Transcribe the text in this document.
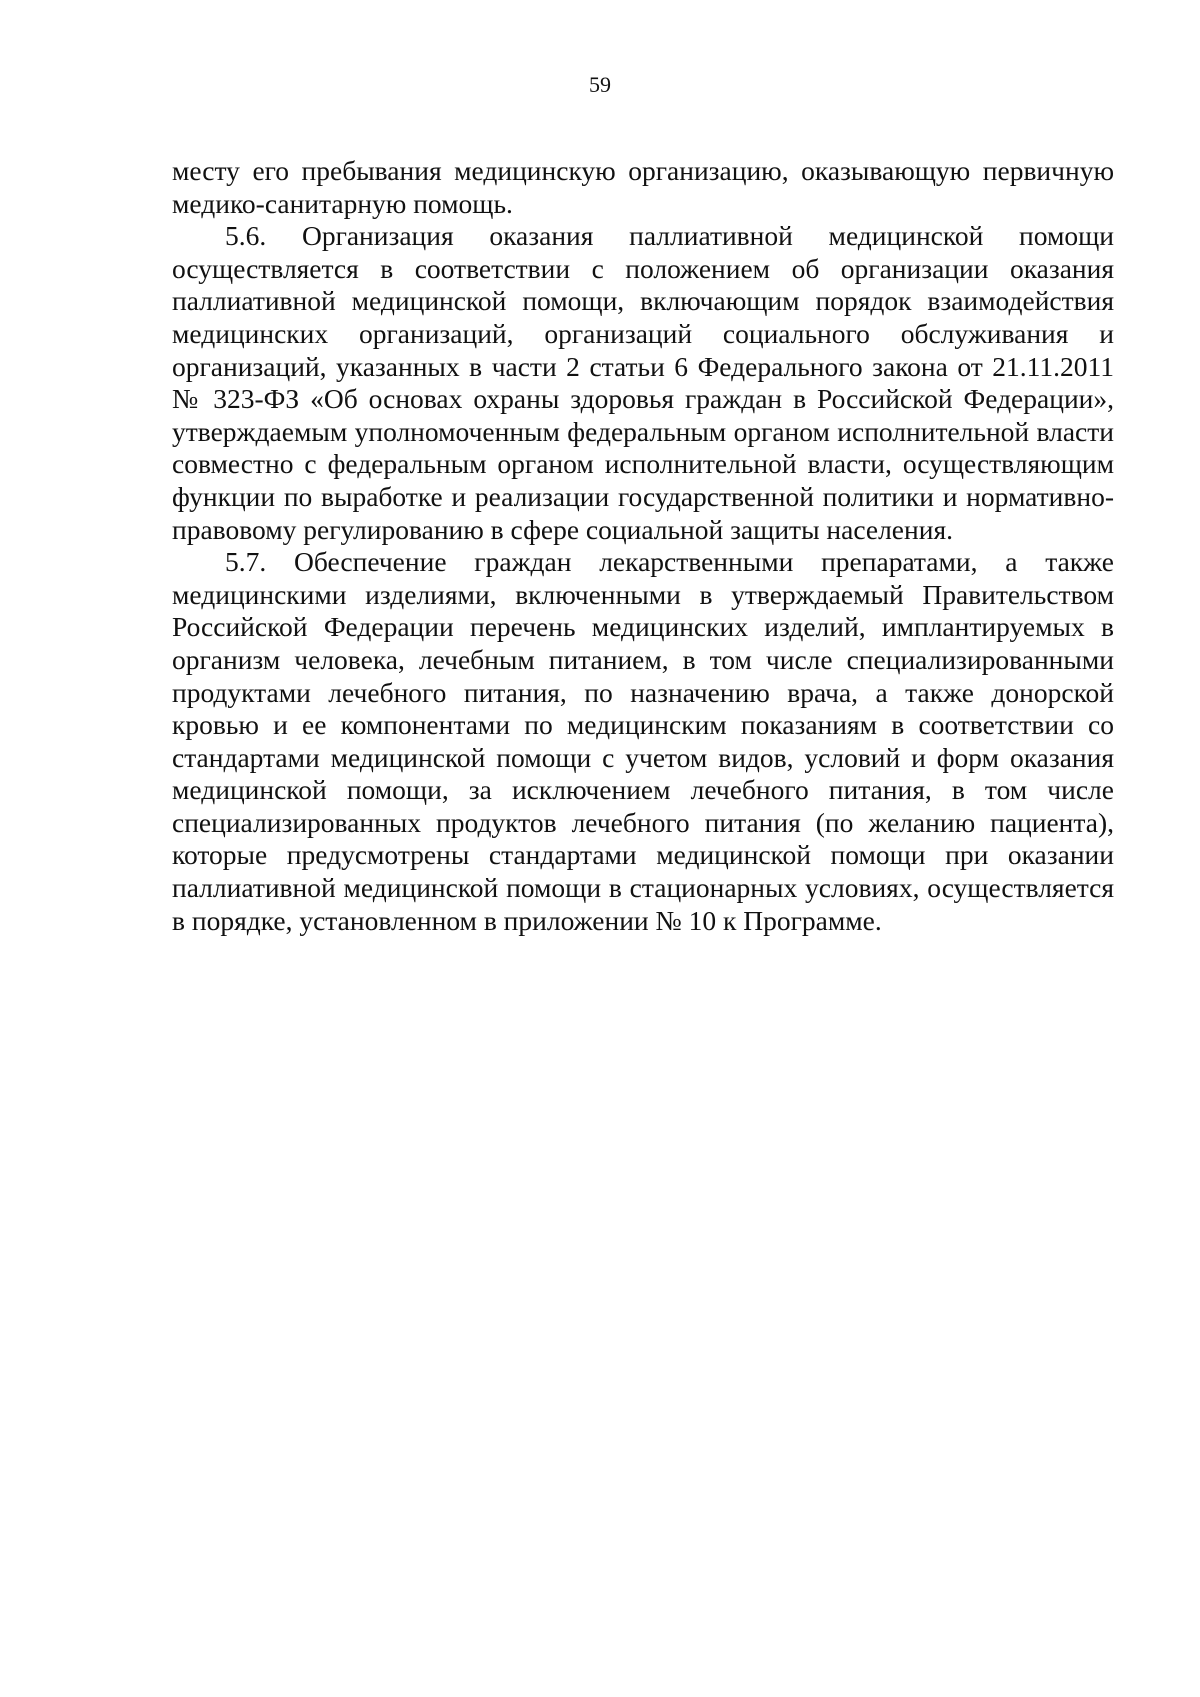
59

месту его пребывания медицинскую организацию, оказывающую первичную медико-санитарную помощь.

5.6. Организация оказания паллиативной медицинской помощи осуществляется в соответствии с положением об организации оказания паллиативной медицинской помощи, включающим порядок взаимодействия медицинских организаций, организаций социального обслуживания и организаций, указанных в части 2 статьи 6 Федерального закона от 21.11.2011 № 323-ФЗ «Об основах охраны здоровья граждан в Российской Федерации», утверждаемым уполномоченным федеральным органом исполнительной власти совместно с федеральным органом исполнительной власти, осуществляющим функции по выработке и реализации государственной политики и нормативно-правовому регулированию в сфере социальной защиты населения.

5.7. Обеспечение граждан лекарственными препаратами, а также медицинскими изделиями, включенными в утверждаемый Правительством Российской Федерации перечень медицинских изделий, имплантируемых в организм человека, лечебным питанием, в том числе специализированными продуктами лечебного питания, по назначению врача, а также донорской кровью и ее компонентами по медицинским показаниям в соответствии со стандартами медицинской помощи с учетом видов, условий и форм оказания медицинской помощи, за исключением лечебного питания, в том числе специализированных продуктов лечебного питания (по желанию пациента), которые предусмотрены стандартами медицинской помощи при оказании паллиативной медицинской помощи в стационарных условиях, осуществляется в порядке, установленном в приложении № 10 к Программе.
